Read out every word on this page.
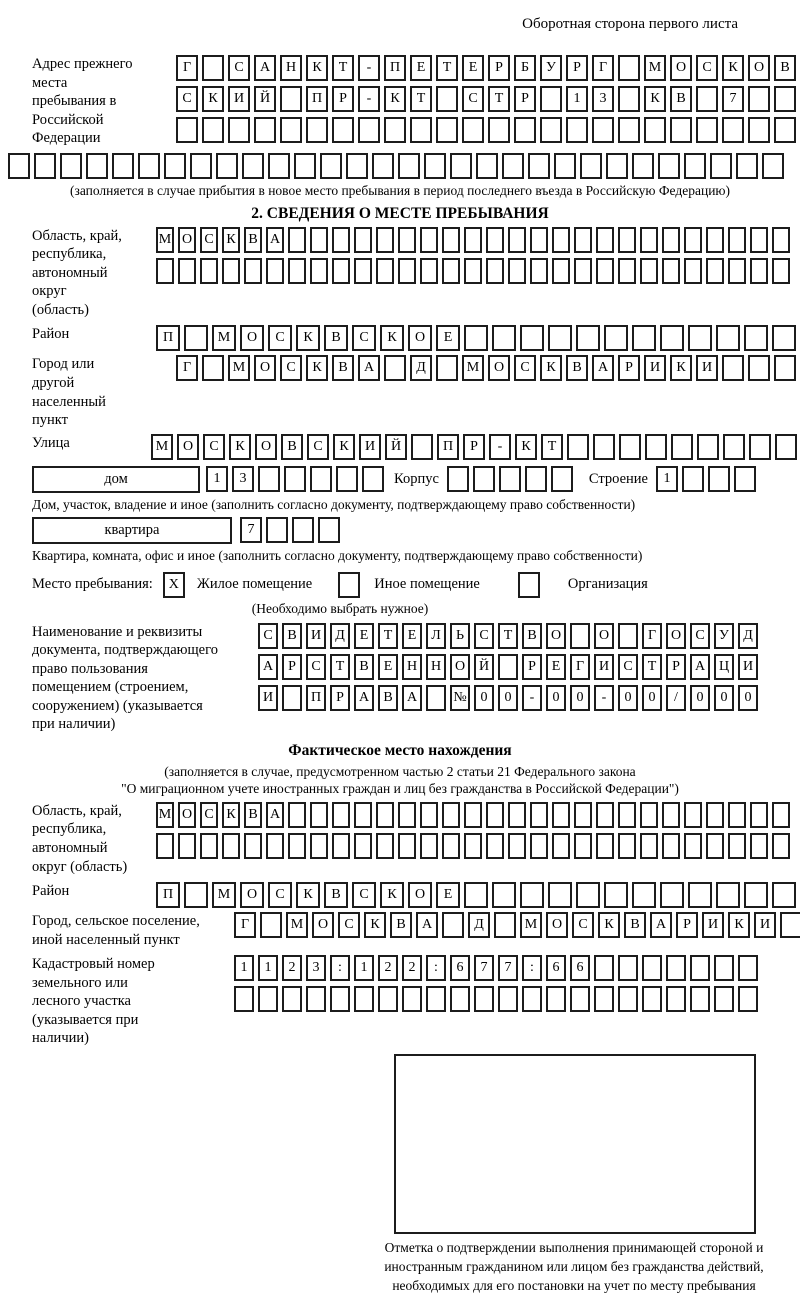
Оборотная сторона первого листа
Адрес прежнего места пребывания в Российской Федерации
Г	С	А	Н	К	Т	-	П	Е	Т	Е	Р	Б	У	Р	Г	М	О	С	К	О	В
С	К	И	Й	П	Р	-	К	Т	С	Т	Р	1	3	К	В	7
(заполняется в случае прибытия в новое место пребывания в период последнего въезда в Российскую Федерацию)
2. СВЕДЕНИЯ О МЕСТЕ ПРЕБЫВАНИЯ
Область, край, республика, автономный округ (область)
М О С К В А
Район	П	М	О	С	К	В	С	К	О	Е
Город или другой населенный пункт
Г	М	О	С	К	В	А	Д	М	О	С	К	В	А	Р	И	К	И
Улица	М	О	С	К	О	В	С	К	И	Й	П	Р	-	К	Т
дом	1	3	Корпус	Строение	1
Дом, участок, владение и иное (заполнить согласно документу, подтверждающему право собственности)
квартира	7
Квартира, комната, офис и иное (заполнить согласно документу, подтверждающему право собственности)
Место пребывания:	X	Жилое помещение	Иное помещение	Организация
(Необходимо выбрать нужное)
Наименование и реквизиты документа, подтверждающего право пользования помещением (строением, сооружением) (указывается при наличии)
С	В	И	Д	Е	Т	Е	Л	Ь	С	Т	В	О	О	Г	О	С	У	Д
А	Р	С	Т	В	Е	Н Н О Й	Р	Е	Г	И	С	Т	Р	А Ц И
И	П	Р	А	В	А	№ 0	0	-	0	0	-	0	0	/	0	0	0
Фактическое место нахождения
(заполняется в случае, предусмотренном частью 2 статьи 21 Федерального закона
"О миграционном учете иностранных граждан и лиц без гражданства в Российской Федерации")
Область, край, республика, автономный округ (область)
М О С К В А
Район	П	М	О	С	К	В	С	К	О	Е
Город, сельское поселение, иной населенный пункт
Г	М	О	С	К	В	А	Д	М	О	С	К	В	А	Р	И	К	И
Кадастровый номер земельного или лесного участка (указывается при наличии)
1	1	2	3	:	1	2	2	:	6	7	7	:	6	6
Отметка о подтверждении выполнения принимающей стороной и иностранным гражданином или лицом без гражданства действий, необходимых для его постановки на учет по месту пребывания
